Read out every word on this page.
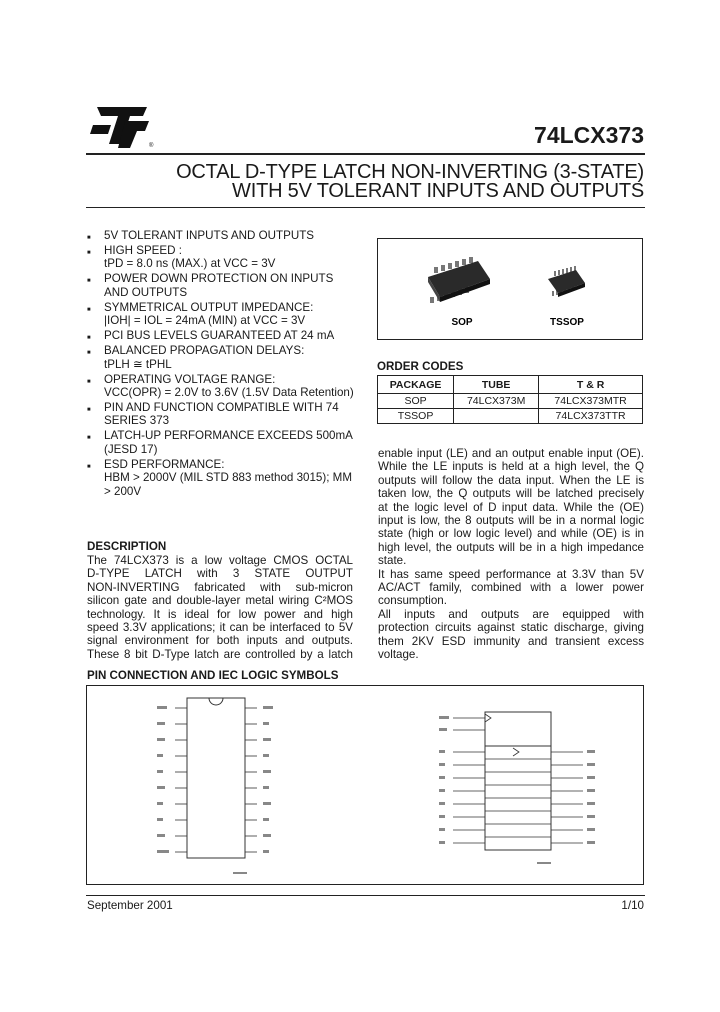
®	74LCX373
OCTAL D-TYPE LATCH NON-INVERTING (3-STATE)
WITH 5V TOLERANT INPUTS AND OUTPUTS
■ 5V TOLERANT INPUTS AND OUTPUTS
■ HIGH SPEED :
tPD = 8.0 ns (MAX.) at VCC = 3V
■ POWER DOWN PROTECTION ON INPUTS AND OUTPUTS
■ SYMMETRICAL OUTPUT IMPEDANCE:
|IOH| = IOL = 24mA (MIN) at VCC = 3V
■ PCI BUS LEVELS GUARANTEED AT 24 mA
■ BALANCED PROPAGATION DELAYS:
tPLH ≅ tPHL
■ OPERATING VOLTAGE RANGE:
VCC(OPR) = 2.0V to 3.6V (1.5V Data Retention)
■ PIN AND FUNCTION COMPATIBLE WITH 74 SERIES 373
■ LATCH-UP PERFORMANCE EXCEEDS 500mA (JESD 17)
■ ESD PERFORMANCE:
HBM > 2000V (MIL STD 883 method 3015); MM > 200V
SOP	TSSOP
ORDER CODES
PACKAGE	TUBE	T & R
SOP	74LCX373M	74LCX373MTR
TSSOP		74LCX373TTR
DESCRIPTION
The 74LCX373 is a low voltage CMOS OCTAL
D-TYPE LATCH with 3 STATE OUTPUT
NON-INVERTING fabricated with sub-micron
silicon gate and double-layer metal wiring C²MOS
technology. It is ideal for low power and high
speed 3.3V applications; it can be interfaced to 5V
signal environment for both inputs and outputs.
These 8 bit D-Type latch are controlled by a latch
enable input (LE) and an output enable input (OE).
While the LE inputs is held at a high level, the Q
outputs will follow the data input. When the LE is
taken low, the Q outputs will be latched precisely
at the logic level of D input data. While the (OE)
input is low, the 8 outputs will be in a normal logic
state (high or low logic level) and while (OE) is in
high level, the outputs will be in a high impedance
state.
It has same speed performance at 3.3V than 5V
AC/ACT family, combined with a lower power
consumption.
All inputs and outputs are equipped with
protection circuits against static discharge, giving
them 2KV ESD immunity and transient excess
voltage.
PIN CONNECTION AND IEC LOGIC SYMBOLS
September 2001	1/10
